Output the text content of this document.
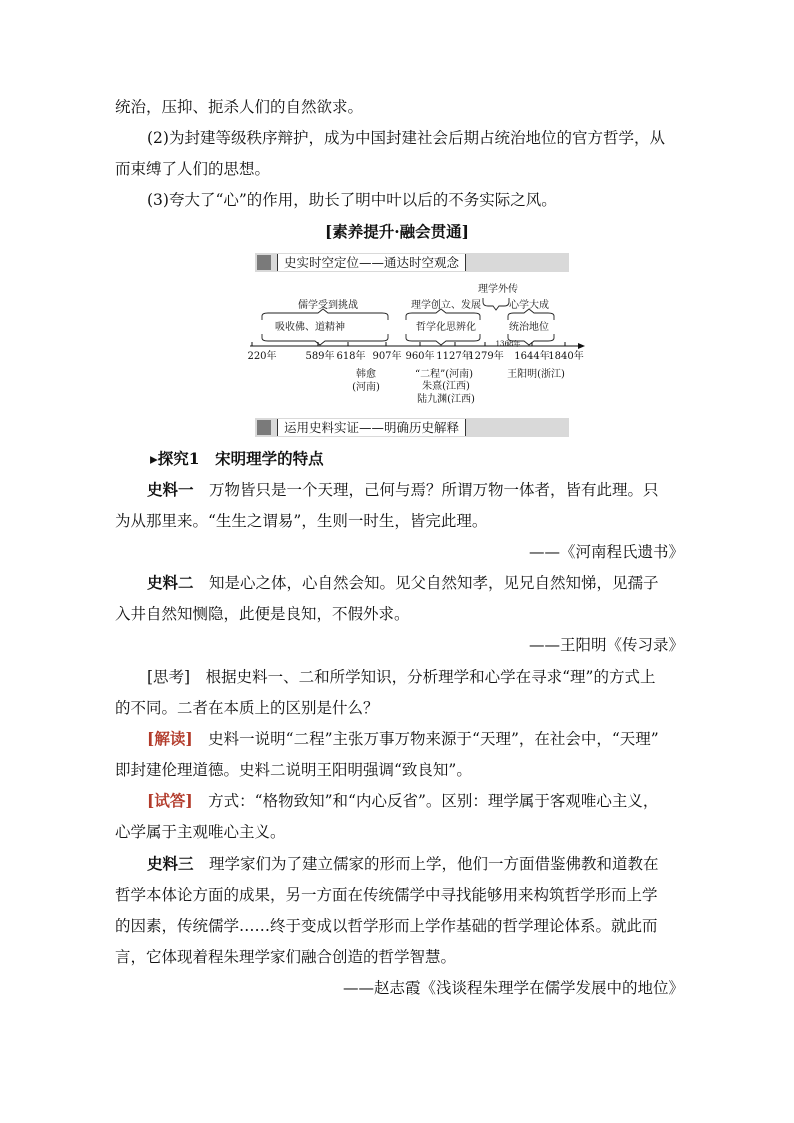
统治，压抑、扼杀人们的自然欲求。
(2)为封建等级秩序辩护，成为中国封建社会后期占统治地位的官方哲学，从
而束缚了人们的思想。
(3)夸大了“心”的作用，助长了明中叶以后的不务实际之风。
[素养提升·融会贯通]
史实时空定位——通达时空观念
理学外传
儒学受到挑战
吸收佛、道精神
理学创立、发展
哲学化思辨化
心学大成
统治地位
1368年
220年	589年 618年 907年 960年 1127年
1279年 1644年
1840年
韩愈
(河南)
“二程”(河南)
朱熹(江西)
陆九渊(江西)
王阳明(浙江)
运用史料实证——明确历史解释
▸探究1　宋明理学的特点
史料一　万物皆只是一个天理，己何与焉？所谓万物一体者，皆有此理。只
为从那里来。“生生之谓易”，生则一时生，皆完此理。
——《河南程氏遗书》
史料二　知是心之体，心自然会知。见父自然知孝，见兄自然知悌，见孺子
入井自然知恻隐，此便是良知，不假外求。
——王阳明《传习录》
[思考]　根据史料一、二和所学知识，分析理学和心学在寻求“理”的方式上
的不同。二者在本质上的区别是什么？
[解读]　史料一说明“二程”主张万事万物来源于“天理”，在社会中，“天理”
即封建伦理道德。史料二说明王阳明强调“致良知”。
[试答]　方式：“格物致知”和“内心反省”。区别：理学属于客观唯心主义，
心学属于主观唯心主义。
史料三　理学家们为了建立儒家的形而上学，他们一方面借鉴佛教和道教在
哲学本体论方面的成果，另一方面在传统儒学中寻找能够用来构筑哲学形而上学
的因素，传统儒学……终于变成以哲学形而上学作基础的哲学理论体系。就此而
言，它体现着程朱理学家们融合创造的哲学智慧。
——赵志霞《浅谈程朱理学在儒学发展中的地位》
